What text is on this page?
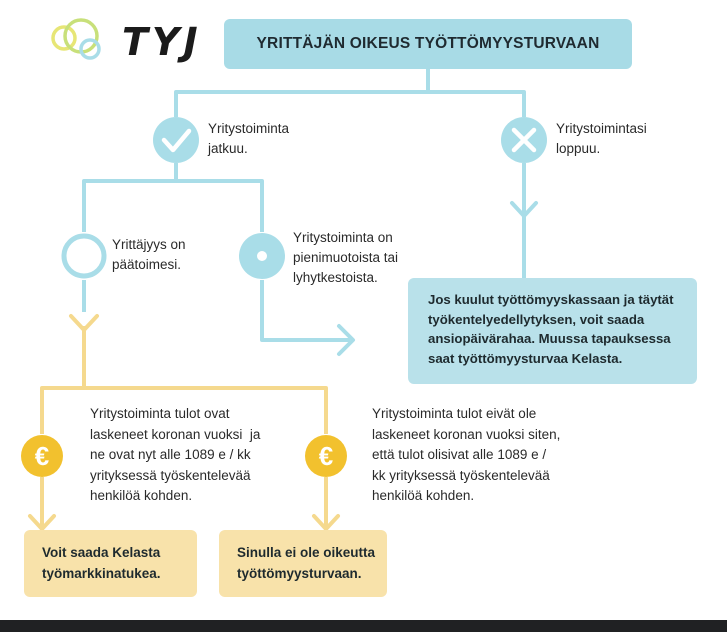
€	€
TYJ	YRITTÄJÄN OIKEUS TYÖTTÖMYYSTURVAAN
Yritystoiminta
jatkuu.
Yritystoimintasi
loppuu.
Yrittäjyys on
päätoimesi.
Yritystoiminta on
pienimuotoista tai
lyhytkestoista.
Yritystoiminta tulot ovat
laskeneet koronan vuoksi  ja
ne ovat nyt alle 1089 e / kk
yrityksessä työskentelevää
henkilöä kohden.
Yritystoiminta tulot eivät ole
laskeneet koronan vuoksi siten,
että tulot olisivat alle 1089 e /
kk yrityksessä työskentelevää
henkilöä kohden.
Jos kuulut työttömyyskassaan ja täytät
työkentelyedellytyksen, voit saada
ansiopäivärahaa. Muussa tapauksessa
saat työttömyysturvaa Kelasta.
Voit saada Kelasta
työmarkkinatukea.
Sinulla ei ole oikeutta
työttömyysturvaan.
